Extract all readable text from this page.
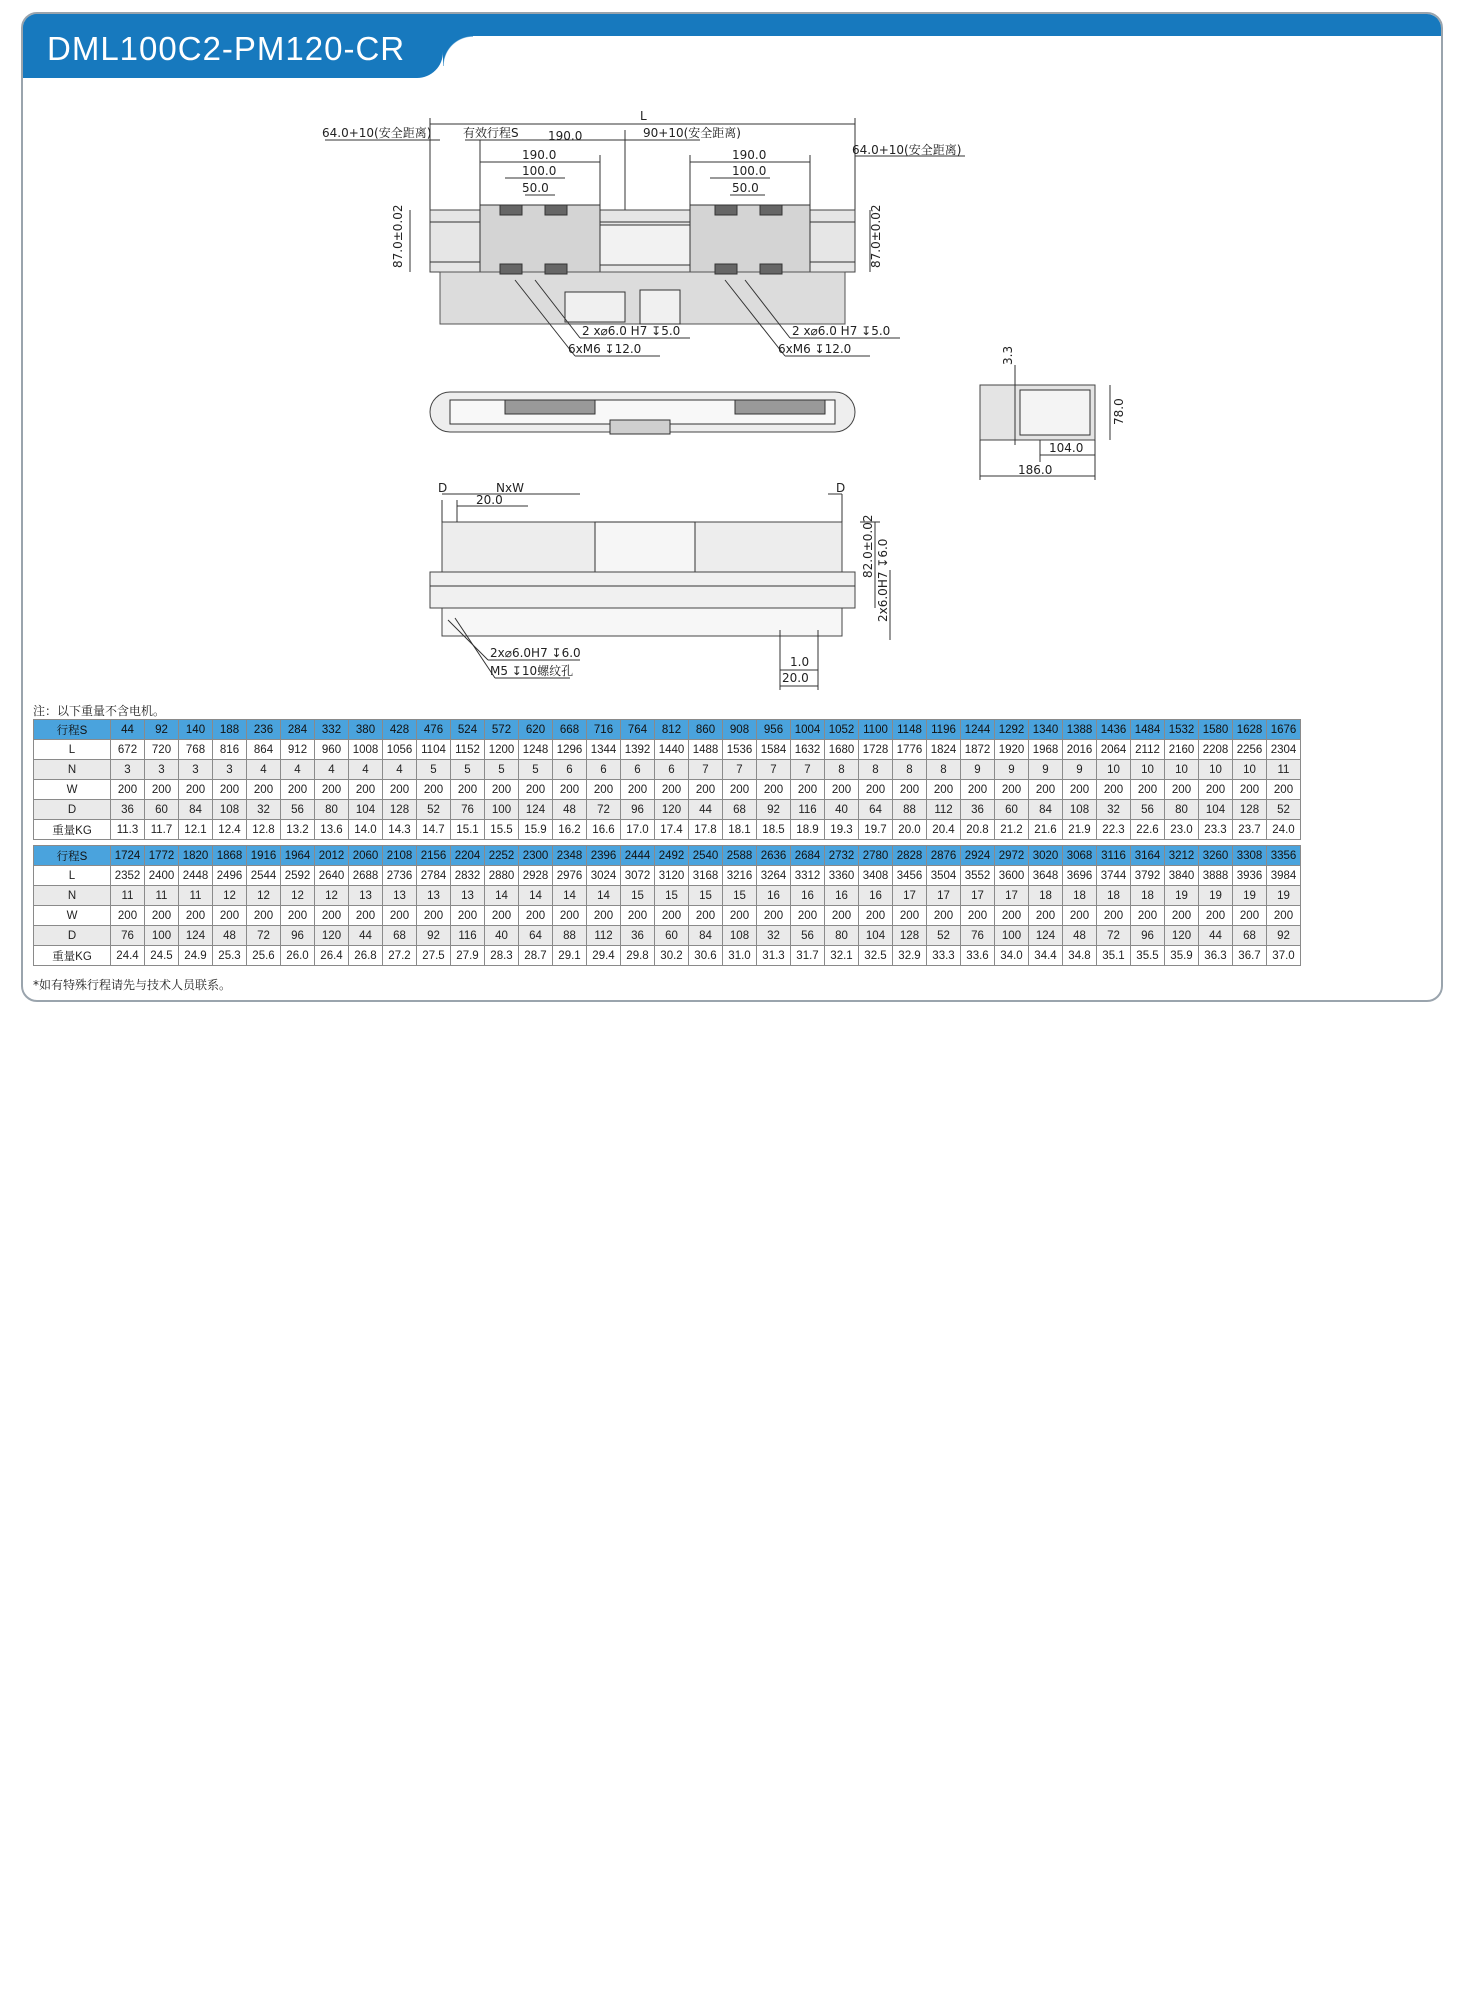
DML100C2-PM120-CR
L
64.0+10(安全距离)	有效行程S 190.0	90+10(安全距离)
64.0+10(安全距离)
190.0
100.0
50.0
190.0
100.0
50.0
87.0±0.02	87.0±0.02
2 x⌀6.0 H7 ↧5.0
6xM6 ↧12.0
2 x⌀6.0 H7 ↧5.0
6xM6 ↧12.0	3.3
78.0
104.0
186.0
D	NxW
20.0
D
82.0±0.02 2x6.0H7 ↧6.0
2x⌀6.0H7 ↧6.0
M5 ↧10螺纹孔
1.0
20.0
注：以下重量不含电机。
行程S	44	92	140	188	236	284	332	380	428	476	524	572	620	668	716	764	812	860	908	956	1004	1052	1100	1148	1196	1244	1292	1340	1388	1436	1484	1532	1580	1628	1676
L	672	720	768	816	864	912	960	1008	1056	1104	1152	1200	1248	1296	1344	1392	1440	1488	1536	1584	1632	1680	1728	1776	1824	1872	1920	1968	2016	2064	2112	2160	2208	2256	2304
N	3	3	3	3	4	4	4	4	4	5	5	5	5	6	6	6	6	7	7	7	7	8	8	8	8	9	9	9	9	10	10	10	10	10	11
W	200	200	200	200	200	200	200	200	200	200	200	200	200	200	200	200	200	200	200	200	200	200	200	200	200	200	200	200	200	200	200	200	200	200	200
D	36	60	84	108	32	56	80	104	128	52	76	100	124	48	72	96	120	44	68	92	116	40	64	88	112	36	60	84	108	32	56	80	104	128	52
重量KG	11.3	11.7	12.1	12.4	12.8	13.2	13.6	14.0	14.3	14.7	15.1	15.5	15.9	16.2	16.6	17.0	17.4	17.8	18.1	18.5	18.9	19.3	19.7	20.0	20.4	20.8	21.2	21.6	21.9	22.3	22.6	23.0	23.3	23.7	24.0
行程S	1724	1772	1820	1868	1916	1964	2012	2060	2108	2156	2204	2252	2300	2348	2396	2444	2492	2540	2588	2636	2684	2732	2780	2828	2876	2924	2972	3020	3068	3116	3164	3212	3260	3308	3356
L	2352	2400	2448	2496	2544	2592	2640	2688	2736	2784	2832	2880	2928	2976	3024	3072	3120	3168	3216	3264	3312	3360	3408	3456	3504	3552	3600	3648	3696	3744	3792	3840	3888	3936	3984
N	11	11	11	12	12	12	12	13	13	13	13	14	14	14	14	15	15	15	15	16	16	16	16	17	17	17	17	18	18	18	18	19	19	19	19
W	200	200	200	200	200	200	200	200	200	200	200	200	200	200	200	200	200	200	200	200	200	200	200	200	200	200	200	200	200	200	200	200	200	200	200
D	76	100	124	48	72	96	120	44	68	92	116	40	64	88	112	36	60	84	108	32	56	80	104	128	52	76	100	124	48	72	96	120	44	68	92
重量KG	24.4	24.5	24.9	25.3	25.6	26.0	26.4	26.8	27.2	27.5	27.9	28.3	28.7	29.1	29.4	29.8	30.2	30.6	31.0	31.3	31.7	32.1	32.5	32.9	33.3	33.6	34.0	34.4	34.8	35.1	35.5	35.9	36.3	36.7	37.0
*如有特殊行程请先与技术人员联系。
